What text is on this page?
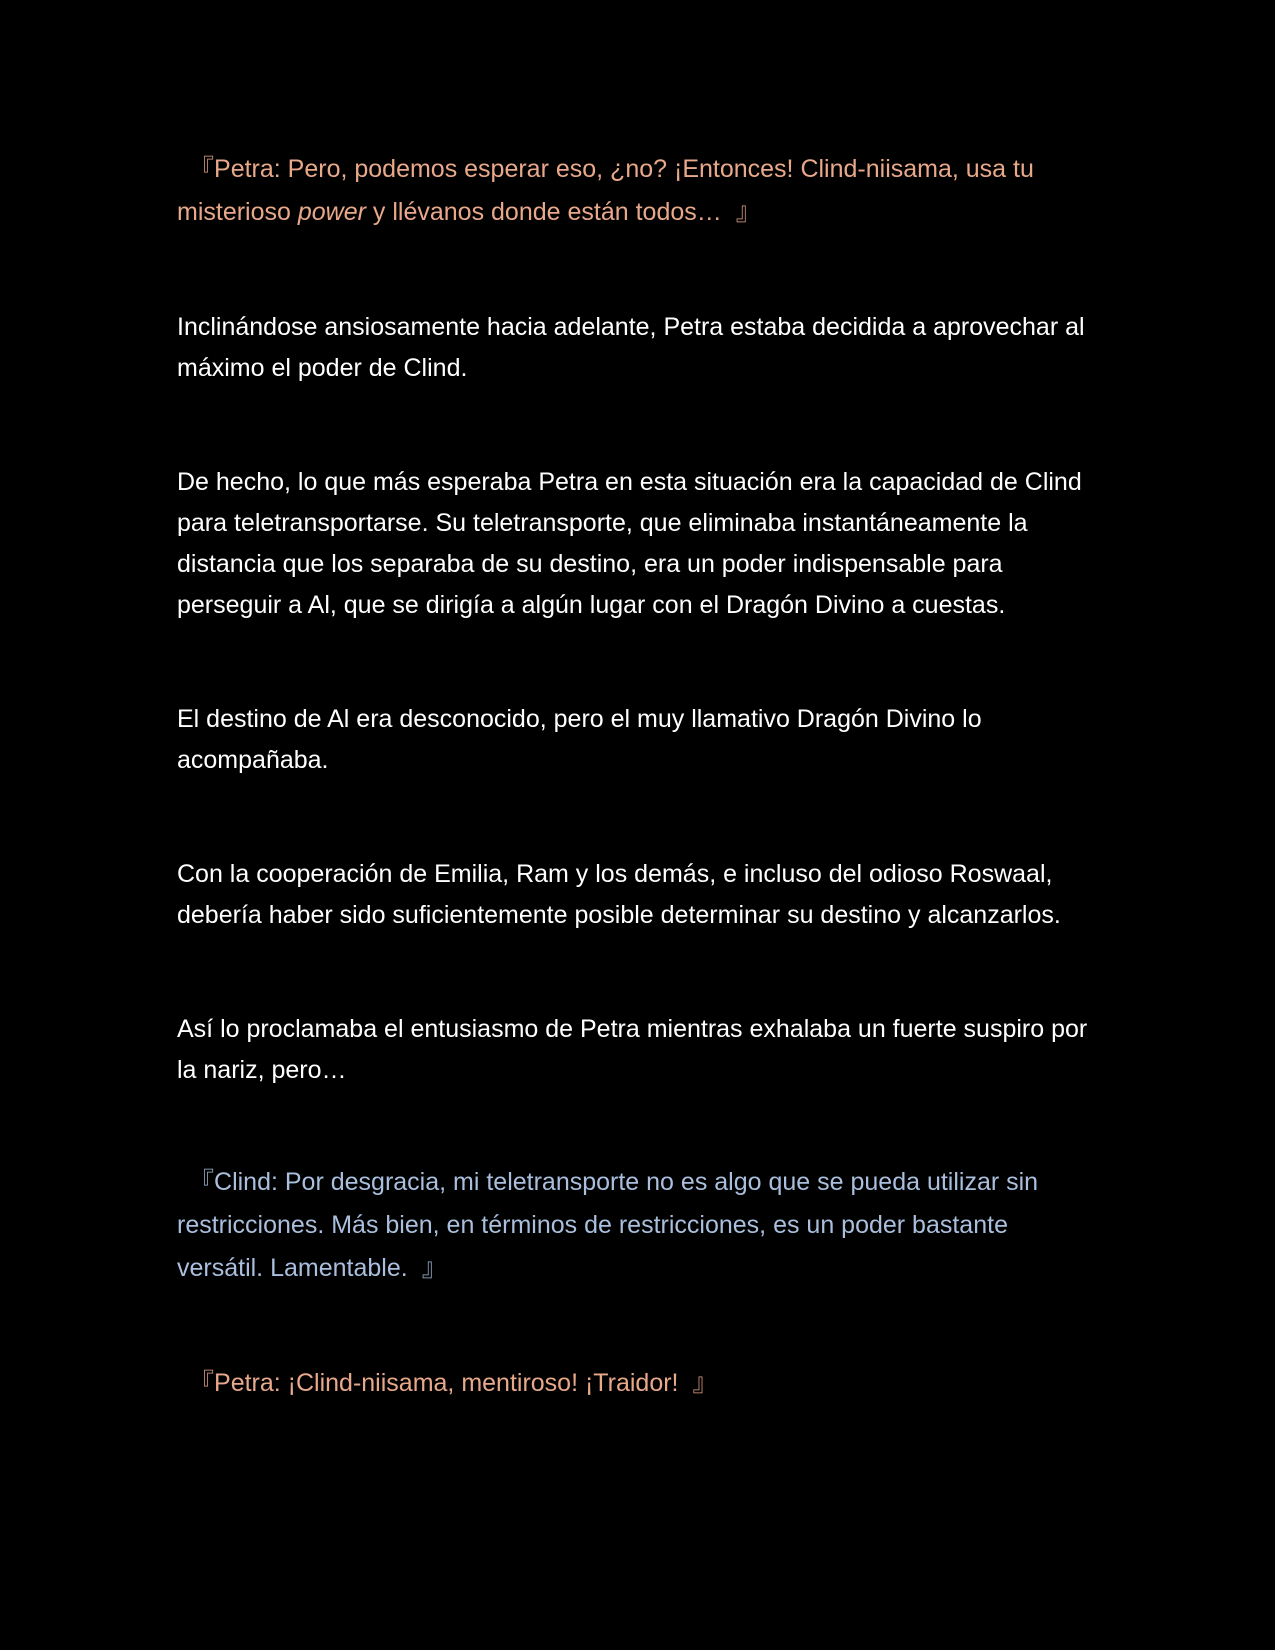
『Petra: Pero, podemos esperar eso, ¿no? ¡Entonces! Clind-niisama, usa tu misterioso power y llévanos donde están todos… 』

Inclinándose ansiosamente hacia adelante, Petra estaba decidida a aprovechar al máximo el poder de Clind.

De hecho, lo que más esperaba Petra en esta situación era la capacidad de Clind para teletransportarse. Su teletransporte, que eliminaba instantáneamente la distancia que los separaba de su destino, era un poder indispensable para perseguir a Al, que se dirigía a algún lugar con el Dragón Divino a cuestas.

El destino de Al era desconocido, pero el muy llamativo Dragón Divino lo acompañaba.

Con la cooperación de Emilia, Ram y los demás, e incluso del odioso Roswaal, debería haber sido suficientemente posible determinar su destino y alcanzarlos.

Así lo proclamaba el entusiasmo de Petra mientras exhalaba un fuerte suspiro por la nariz, pero…

『Clind: Por desgracia, mi teletransporte no es algo que se pueda utilizar sin restricciones. Más bien, en términos de restricciones, es un poder bastante versátil. Lamentable. 』

『Petra: ¡Clind-niisama, mentiroso! ¡Traidor! 』
